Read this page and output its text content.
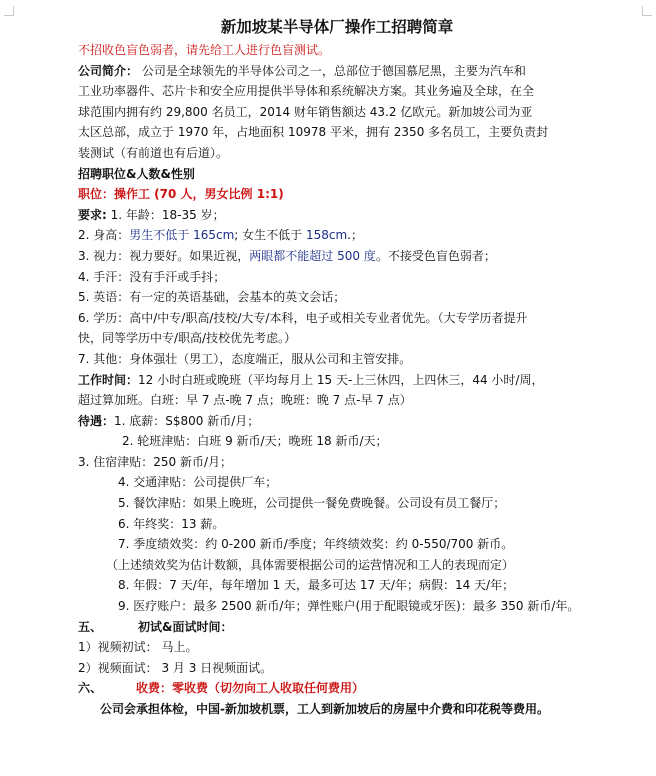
新加坡某半导体厂操作工招聘简章
不招收色盲色弱者，请先给工人进行色盲测试。
公司简介： 公司是全球领先的半导体公司之一，总部位于德国慕尼黑，主要为汽车和
工业功率器件、芯片卡和安全应用提供半导体和系统解决方案。其业务遍及全球，在全
球范围内拥有约 29,800 名员工，2014 财年销售额达 43.2 亿欧元。新加坡公司为亚
太区总部，成立于 1970 年，占地面积 10978 平米，拥有 2350 多名员工，主要负责封
装测试（有前道也有后道）。
招聘职位&人数&性别
职位：操作工 (70 人，男女比例 1:1)
要求: 1. 年龄：18-35 岁；
2. 身高：男生不低于 165cm; 女生不低于 158cm.；
3. 视力：视力要好。如果近视，两眼都不能超过 500 度。不接受色盲色弱者；
4. 手汗：没有手汗或手抖；
5. 英语：有一定的英语基础，会基本的英文会话；
6. 学历：高中/中专/职高/技校/大专/本科，电子或相关专业者优先。（大专学历者提升
快，同等学历中专/职高/技校优先考虑。）
7. 其他：身体强壮（男工），态度端正，服从公司和主管安排。
工作时间：12 小时白班或晚班（平均每月上 15 天-上三休四，上四休三，44 小时/周，
超过算加班。白班：早 7 点-晚 7 点；晚班：晚 7 点-早 7 点）
待遇：1. 底薪：S$800 新币/月；
2. 轮班津贴：白班 9 新币/天；晚班 18 新币/天；
3. 住宿津贴：250 新币/月；
4. 交通津贴：公司提供厂车；
5. 餐饮津贴：如果上晚班，公司提供一餐免费晚餐。公司设有员工餐厅；
6. 年终奖：13 薪。
7. 季度绩效奖：约 0-200 新币/季度；年终绩效奖：约 0-550/700 新币。
（上述绩效奖为估计数额，具体需要根据公司的运营情况和工人的表现而定）
8. 年假：7 天/年，每年增加 1 天，最多可达 17 天/年；病假：14 天/年；
9. 医疗账户：最多 2500 新币/年；弹性账户(用于配眼镜或牙医)：最多 350 新币/年。
五、	初试&面试时间：
1）视频初试： 马上。
2）视频面试： 3 月 3 日视频面试。
六、	收费：零收费（切勿向工人收取任何费用）
公司会承担体检，中国-新加坡机票，工人到新加坡后的房屋中介费和印花税等费用。
